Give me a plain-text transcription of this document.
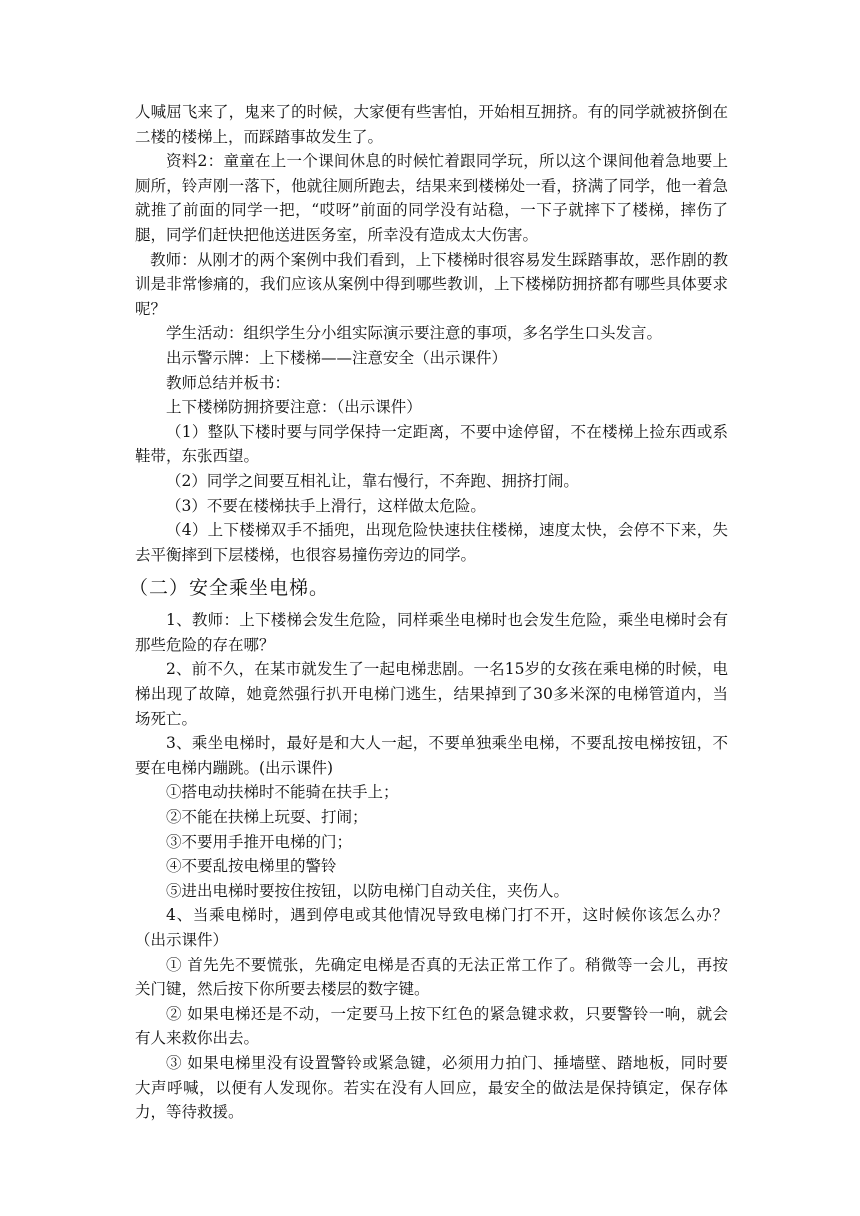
人喊屈飞来了，鬼来了的时候，大家便有些害怕，开始相互拥挤。有的同学就被挤倒在二楼的楼梯上，而踩踏事故发生了。

资料2：童童在上一个课间休息的时候忙着跟同学玩，所以这个课间他着急地要上厕所，铃声刚一落下，他就往厕所跑去，结果来到楼梯处一看，挤满了同学，他一着急就推了前面的同学一把，“哎呀”前面的同学没有站稳，一下子就摔下了楼梯，摔伤了腿，同学们赶快把他送进医务室，所幸没有造成太大伤害。

教师：从刚才的两个案例中我们看到，上下楼梯时很容易发生踩踏事故，恶作剧的教训是非常惨痛的，我们应该从案例中得到哪些教训，上下楼梯防拥挤都有哪些具体要求呢？

学生活动：组织学生分小组实际演示要注意的事项，多名学生口头发言。

出示警示牌：上下楼梯——注意安全（出示课件）

教师总结并板书：

上下楼梯防拥挤要注意：（出示课件）

（1）整队下楼时要与同学保持一定距离，不要中途停留，不在楼梯上捡东西或系鞋带，东张西望。

（2）同学之间要互相礼让，靠右慢行，不奔跑、拥挤打闹。

（3）不要在楼梯扶手上滑行，这样做太危险。

（4）上下楼梯双手不插兜，出现危险快速扶住楼梯，速度太快，会停不下来，失去平衡摔到下层楼梯，也很容易撞伤旁边的同学。

（二）安全乘坐电梯。

1、教师：上下楼梯会发生危险，同样乘坐电梯时也会发生危险，乘坐电梯时会有那些危险的存在哪？

2、前不久，在某市就发生了一起电梯悲剧。一名15岁的女孩在乘电梯的时候，电梯出现了故障，她竟然强行扒开电梯门逃生，结果掉到了30多米深的电梯管道内，当场死亡。

3、乘坐电梯时，最好是和大人一起，不要单独乘坐电梯，不要乱按电梯按钮，不要在电梯内蹦跳。(出示课件)

①搭电动扶梯时不能骑在扶手上；

②不能在扶梯上玩耍、打闹；

③不要用手推开电梯的门；

④不要乱按电梯里的警铃

⑤进出电梯时要按住按钮，以防电梯门自动关住，夹伤人。

4、当乘电梯时，遇到停电或其他情况导致电梯门打不开，这时候你该怎么办？（出示课件）

① 首先先不要慌张，先确定电梯是否真的无法正常工作了。稍微等一会儿，再按关门键，然后按下你所要去楼层的数字键。

② 如果电梯还是不动，一定要马上按下红色的紧急键求救，只要警铃一响，就会有人来救你出去。

③ 如果电梯里没有设置警铃或紧急键，必须用力拍门、捶墙壁、踏地板，同时要大声呼喊，以便有人发现你。若实在没有人回应，最安全的做法是保持镇定，保存体力，等待救援。
